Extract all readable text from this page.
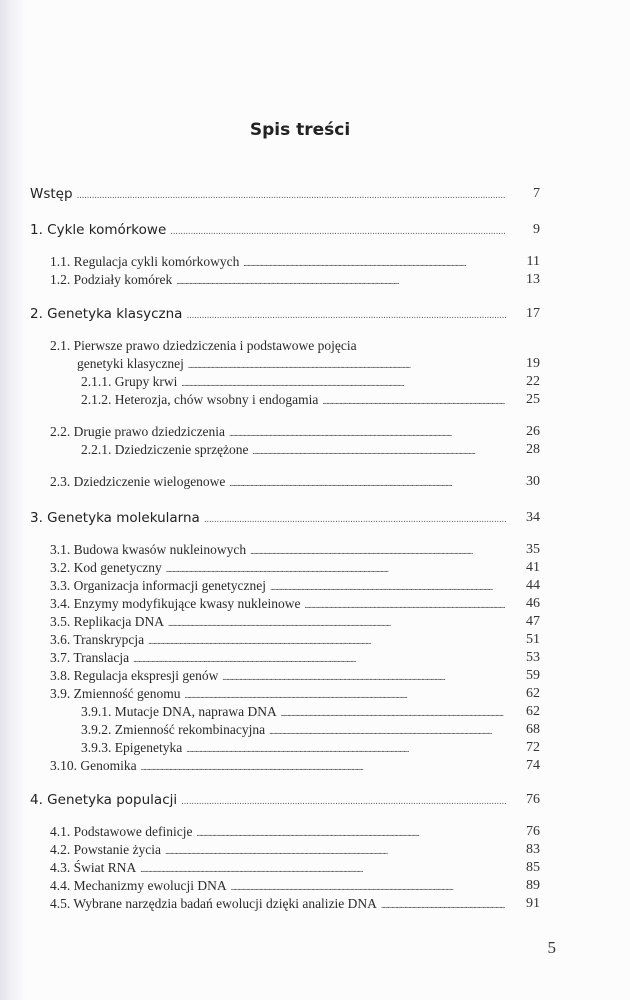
Spis treści
Wstęp . . .	7
1. Cykle komórkowe . . .	9
1.1. Regulacja cykli komórkowych . . .	11
1.2. Podziały komórek . . .	13
2. Genetyka klasyczna . . .	17
2.1. Pierwsze prawo dziedziczenia i podstawowe pojęcia
genetyki klasycznej . . .	19
2.1.1. Grupy krwi . . .	22
2.1.2. Heterozja, chów wsobny i endogamia . . .	25
2.2. Drugie prawo dziedziczenia . . .	26
2.2.1. Dziedziczenie sprzężone . . .	28
2.3. Dziedziczenie wielogenowe . . .	30
3. Genetyka molekularna . . .	34
3.1. Budowa kwasów nukleinowych . . .	35
3.2. Kod genetyczny . . .	41
3.3. Organizacja informacji genetycznej . . .	44
3.4. Enzymy modyfikujące kwasy nukleinowe . . .	46
3.5. Replikacja DNA . . .	47
3.6. Transkrypcja . . .	51
3.7. Translacja . . .	53
3.8. Regulacja ekspresji genów . . .	59
3.9. Zmienność genomu . . .	62
3.9.1. Mutacje DNA, naprawa DNA . . .	62
3.9.2. Zmienność rekombinacyjna . . .	68
3.9.3. Epigenetyka . . .	72
3.10. Genomika . . .	74
4. Genetyka populacji . . .	76
4.1. Podstawowe definicje . . .	76
4.2. Powstanie życia . . .	83
4.3. Świat RNA . . .	85
4.4. Mechanizmy ewolucji DNA . . .	89
4.5. Wybrane narzędzia badań ewolucji dzięki analizie DNA . . .	91
5
